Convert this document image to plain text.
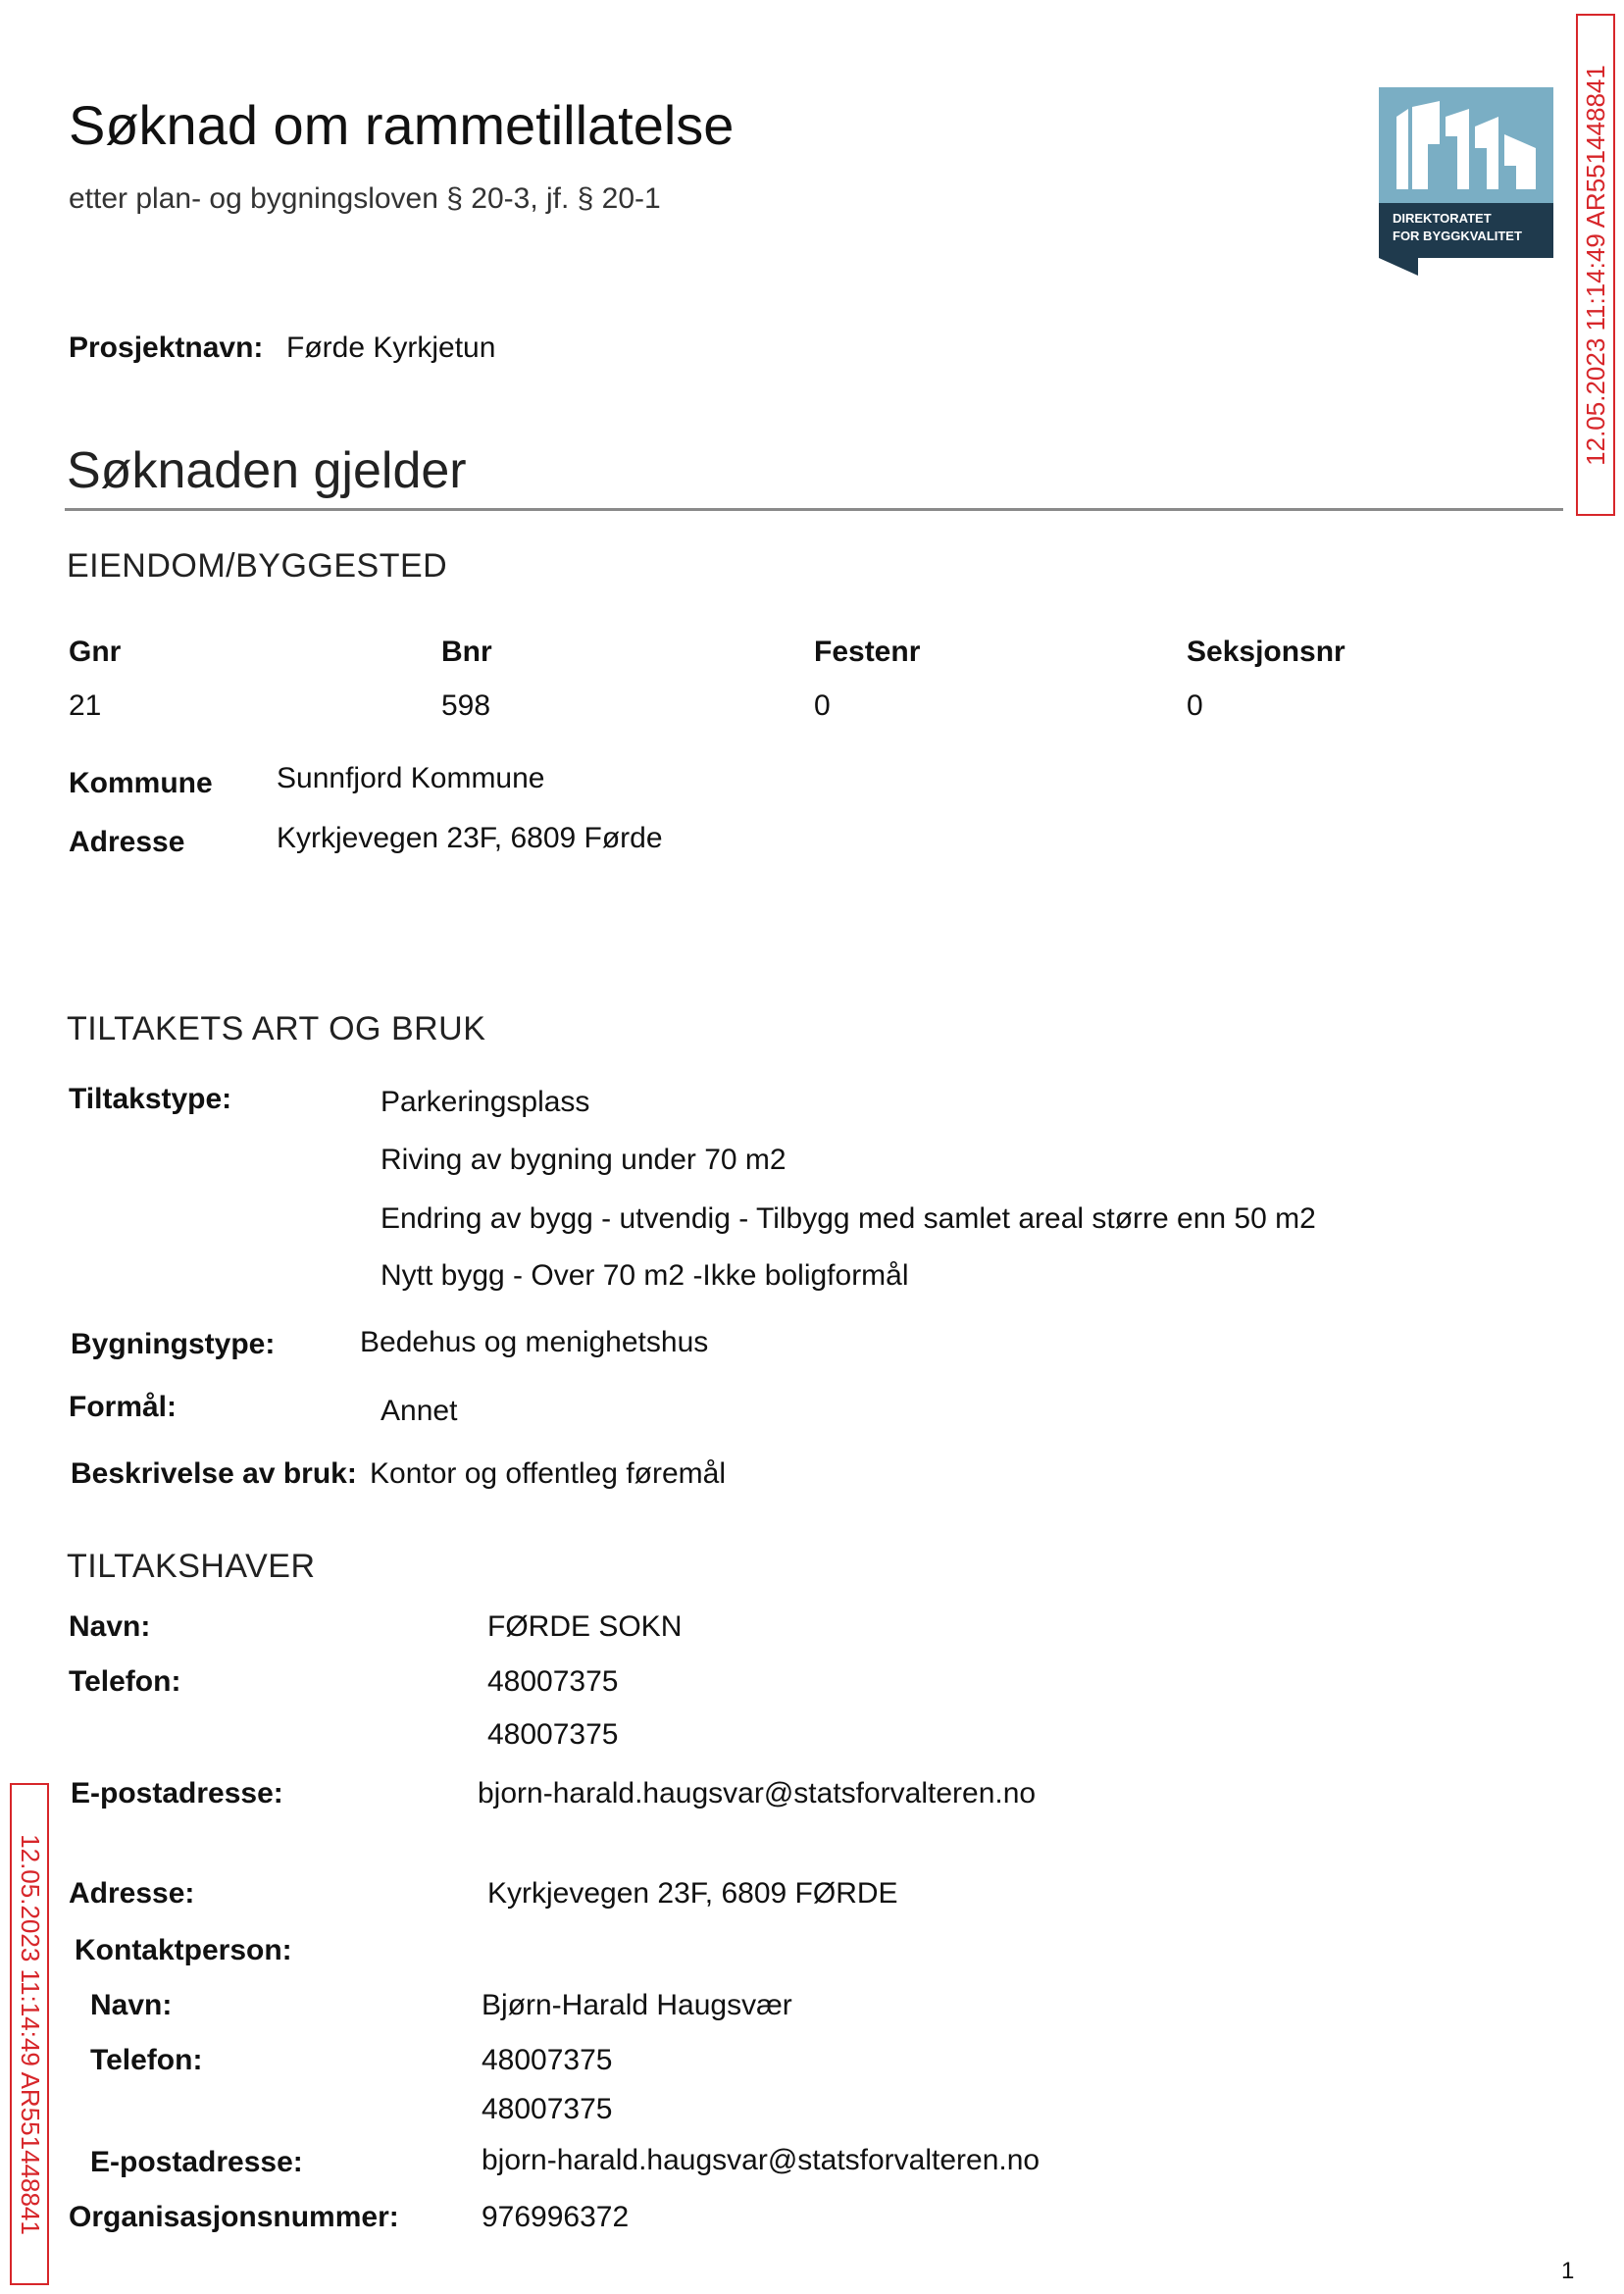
Søknad om rammetillatelse
etter plan- og bygningsloven § 20-3, jf. § 20-1
DIREKTORATET
FOR BYGGKVALITET 12.05.2023 11:14:49 AR551448841
12.05.2023 11:14:49 AR551448841
Prosjektnavn: Førde Kyrkjetun
Søknaden gjelder
EIENDOM/BYGGESTED
Gnr	Bnr	Festenr	Seksjonsnr
21	598	0	0
Kommune Sunnfjord Kommune
Adresse	Kyrkjevegen 23F, 6809 Førde
TILTAKETS ART OG BRUK
Tiltakstype:	Parkeringsplass
Riving av bygning under 70 m2
Endring av bygg - utvendig - Tilbygg med samlet areal større enn 50 m2
Nytt bygg - Over 70 m2 -Ikke boligformål
Bygningstype:	Bedehus og menighetshus
Formål:	Annet
Beskrivelse av bruk: Kontor og offentleg føremål
TILTAKSHAVER
Navn:	FØRDE SOKN
Telefon:	48007375
48007375
E-postadresse:	bjorn-harald.haugsvar@statsforvalteren.no
Adresse:	Kyrkjevegen 23F, 6809 FØRDE
Kontaktperson:
Navn:	Bjørn-Harald Haugsvær
Telefon:	48007375
48007375
E-postadresse:	bjorn-harald.haugsvar@statsforvalteren.no
Organisasjonsnummer:	976996372
1
